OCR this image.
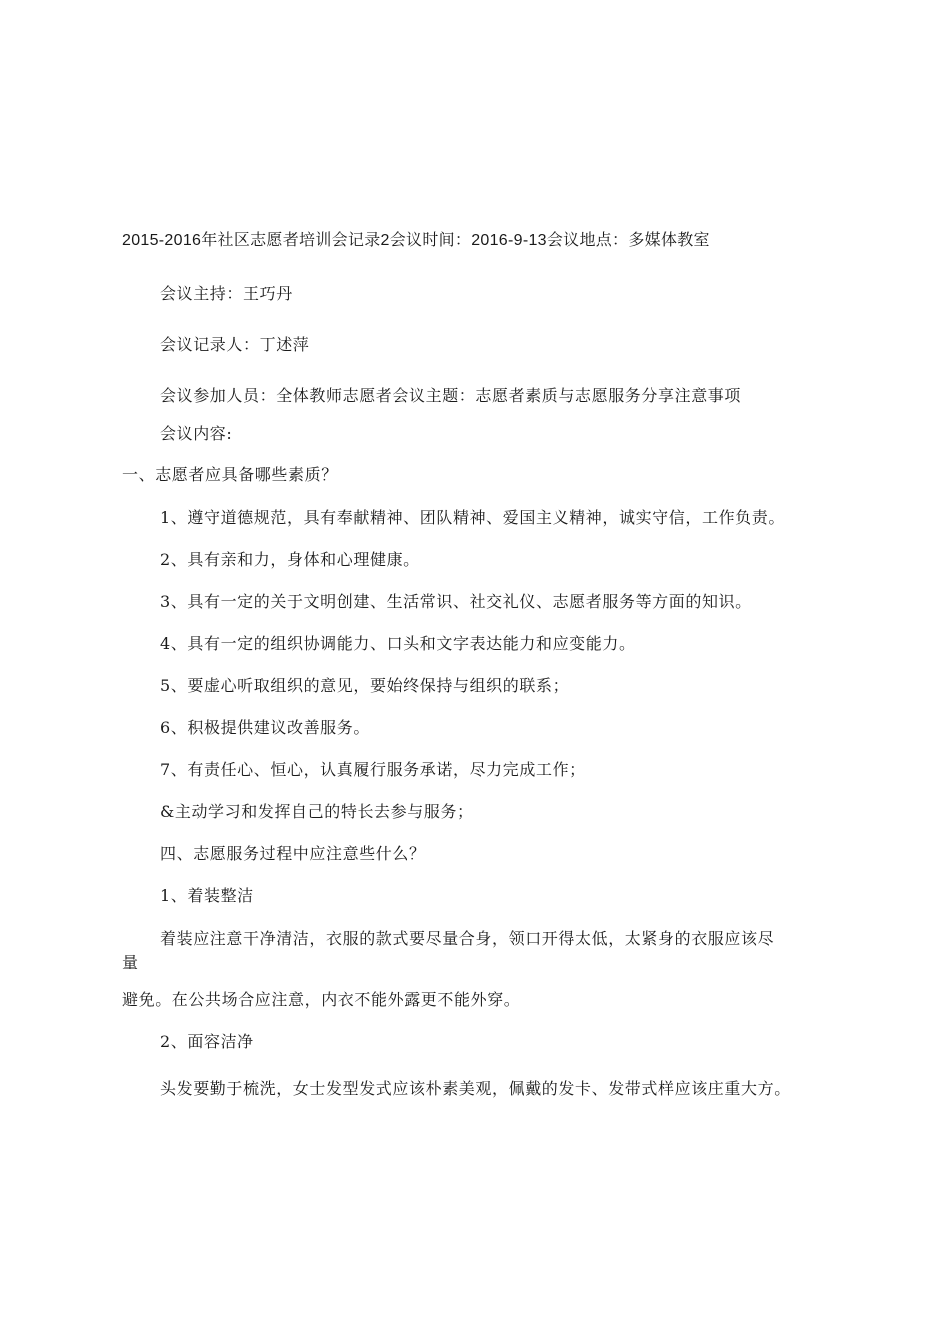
2015-2016年社区志愿者培训会记录2会议时间：2016-9-13会议地点：多媒体教室
会议主持：王巧丹
会议记录人：丁述萍
会议参加人员：全体教师志愿者会议主题：志愿者素质与志愿服务分享注意事项
会议内容:
一、志愿者应具备哪些素质？
1、遵守道德规范，具有奉献精神、团队精神、爱国主义精神，诚实守信，工作负责。
2、具有亲和力，身体和心理健康。
3、具有一定的关于文明创建、生活常识、社交礼仪、志愿者服务等方面的知识。
4、具有一定的组织协调能力、口头和文字表达能力和应变能力。
5、要虚心听取组织的意见，要始终保持与组织的联系；
6、积极提供建议改善服务。
7、有责任心、恒心，认真履行服务承诺，尽力完成工作；
&主动学习和发挥自己的特长去参与服务；
四、志愿服务过程中应注意些什么？
1、着装整洁
着装应注意干净清洁，衣服的款式要尽量合身，领口开得太低，太紧身的衣服应该尽
量
避免。在公共场合应注意，内衣不能外露更不能外穿。
2、面容洁净
头发要勤于梳洗，女士发型发式应该朴素美观，佩戴的发卡、发带式样应该庄重大方。
